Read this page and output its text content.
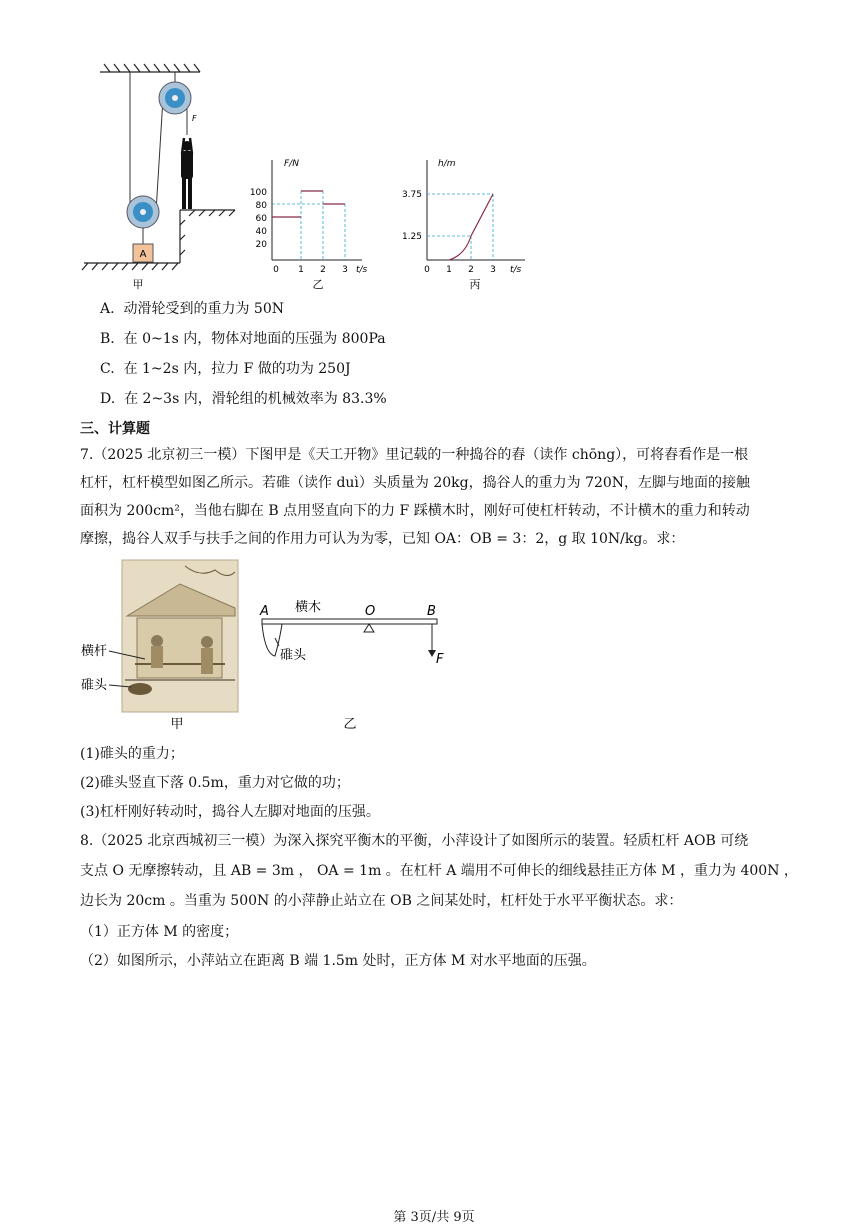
A
F
甲
F/N
t/s
100
80
60
40
20
0 1 2 3
乙
h/m
t/s
3.75
1.25
0 1 2 3
丙
A. 动滑轮受到的重力为 50N
B. 在 0~1s 内，物体对地面的压强为 800Pa
C. 在 1~2s 内，拉力 F 做的功为 250J
D. 在 2~3s 内，滑轮组的机械效率为 83.3%
三、计算题
7.（2025 北京初三一模）下图甲是《天工开物》里记载的一种捣谷的舂（读作 chōng），可将舂看作是一根
杠杆，杠杆模型如图乙所示。若碓（读作 duì）头质量为 20kg，捣谷人的重力为 720N，左脚与地面的接触
面积为 200cm²，当他右脚在 B 点用竖直向下的力 F 踩横木时，刚好可使杠杆转动，不计横木的重力和转动
摩擦，捣谷人双手与扶手之间的作用力可认为为零，已知 OA：OB = 3：2，g 取 10N/kg。求：
横杆
碓头
甲
A 横木	O	B
F
碓头
乙
(1)碓头的重力；
(2)碓头竖直下落 0.5m，重力对它做的功；
(3)杠杆刚好转动时，捣谷人左脚对地面的压强。
8.（2025 北京西城初三一模）为深入探究平衡木的平衡，小萍设计了如图所示的装置。轻质杠杆 AOB 可绕
支点 O 无摩擦转动，且 AB = 3m ， OA = 1m 。在杠杆 A 端用不可伸长的细线悬挂正方体 M ，重力为 400N ，
边长为 20cm 。当重为 500N 的小萍静止站立在 OB 之间某处时，杠杆处于水平平衡状态。求：
（1）正方体 M 的密度；
（2）如图所示，小萍站立在距离 B 端 1.5m 处时，正方体 M 对水平地面的压强。
第 3页/共 9页
